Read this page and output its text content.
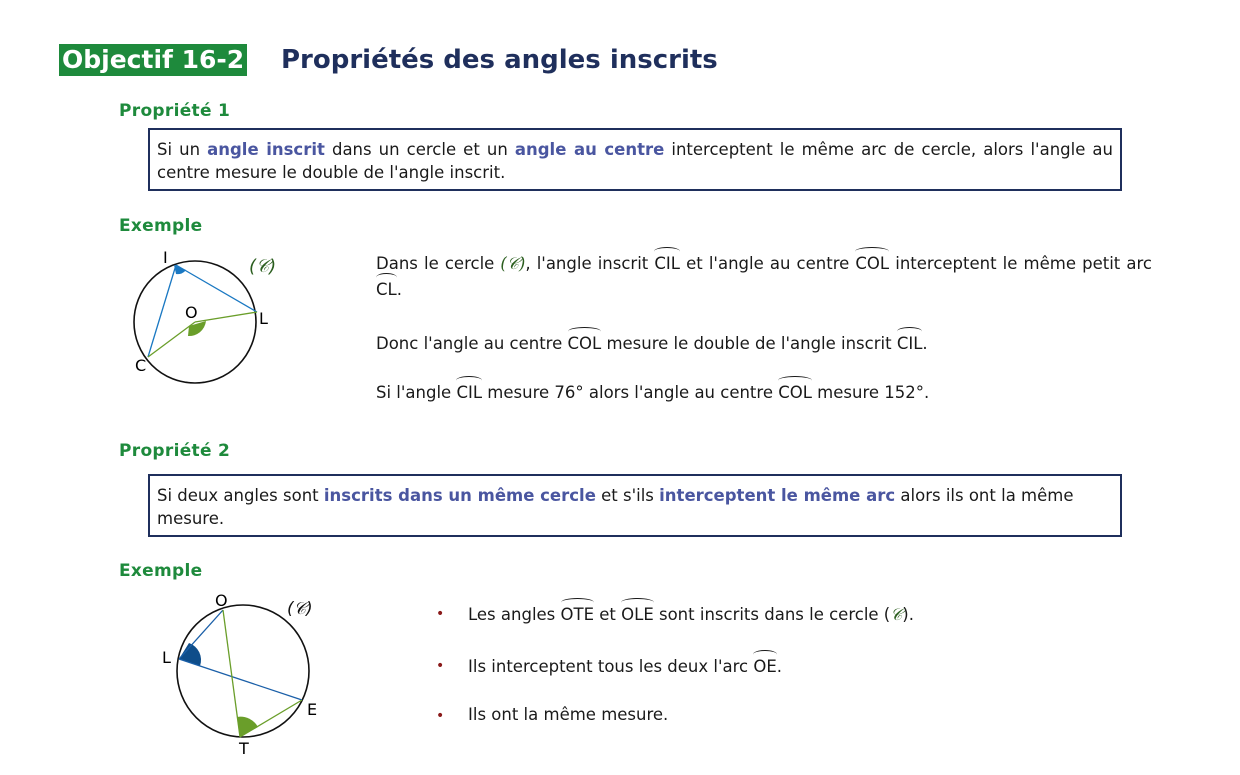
Objectif 16-2 Propriétés des angles inscrits
Propriété 1
Si un angle inscrit dans un cercle et un angle au centre interceptent le même arc de cercle, alors l'angle au centre mesure le double de l'angle inscrit.
Exemple
I
O	L
C
(𝒞)	Dans le cercle (𝒞), l'angle inscrit CIL et l'angle au centre COL interceptent le même petit arc CL.
Donc l'angle au centre COL mesure le double de l'angle inscrit CIL.
Si l'angle CIL mesure 76° alors l'angle au centre COL mesure 152°.
Propriété 2
Si deux angles sont inscrits dans un même cercle et s'ils interceptent le même arc alors ils ont la même mesure.
Exemple
O
L
E
T
(𝒞)	• Les angles OTE et OLE sont inscrits dans le cercle (𝒞).
• Ils interceptent tous les deux l'arc OE.
• Ils ont la même mesure.
